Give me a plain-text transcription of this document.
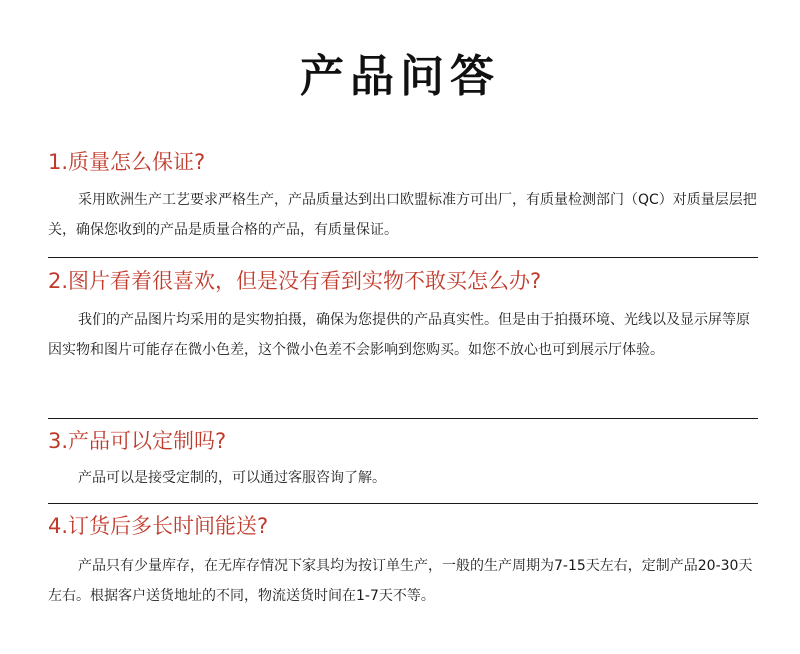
产品问答
1.质量怎么保证?
采用欧洲生产工艺要求严格生产，产品质量达到出口欧盟标准方可出厂，有质量检测部门（QC）对质量层层把关，确保您收到的产品是质量合格的产品，有质量保证。
2.图片看着很喜欢，但是没有看到实物不敢买怎么办?
我们的产品图片均采用的是实物拍摄，确保为您提供的产品真实性。但是由于拍摄环境、光线以及显示屏等原因实物和图片可能存在微小色差，这个微小色差不会影响到您购买。如您不放心也可到展示厅体验。
3.产品可以定制吗?
产品可以是接受定制的，可以通过客服咨询了解。
4.订货后多长时间能送?
产品只有少量库存，在无库存情况下家具均为按订单生产，一般的生产周期为7-15天左右，定制产品20-30天左右。根据客户送货地址的不同，物流送货时间在1-7天不等。
